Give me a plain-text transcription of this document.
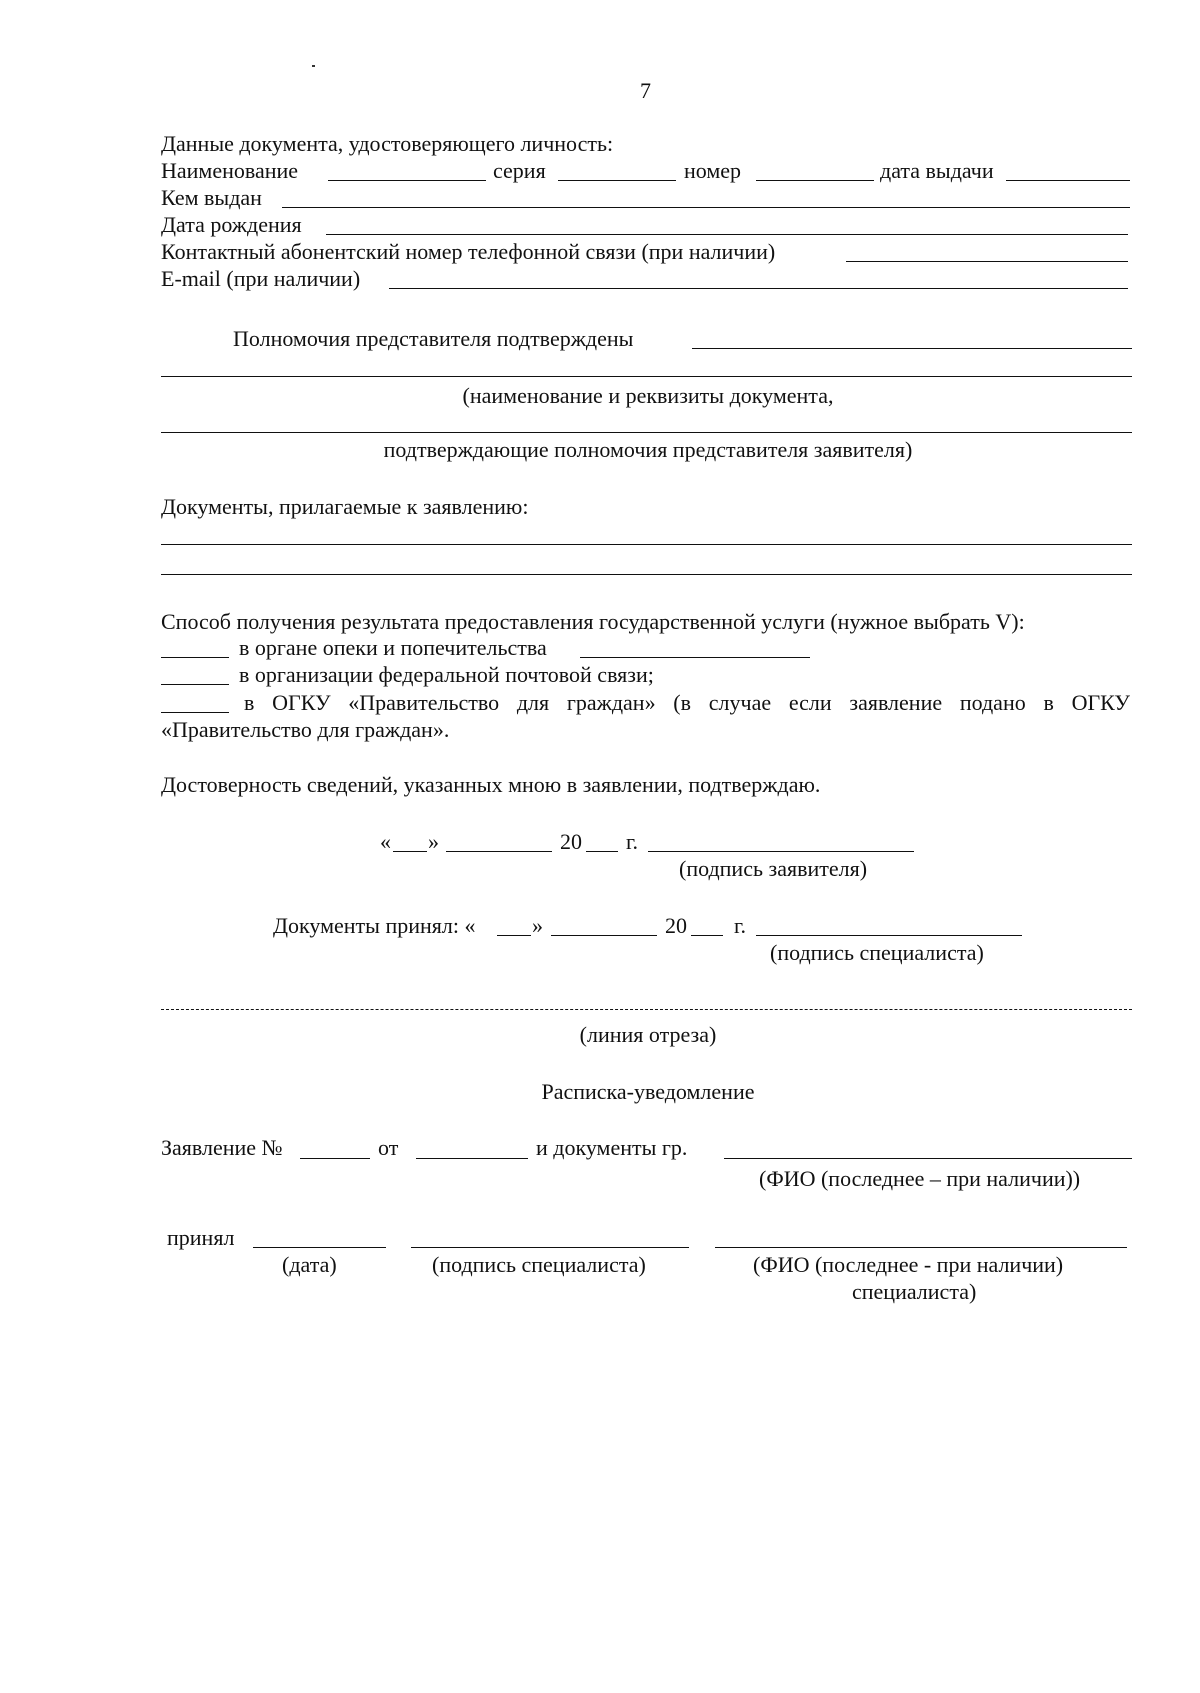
7
Данные документа, удостоверяющего личность:
Наименование	серия	номер	дата выдачи
Кем выдан
Дата рождения
Контактный абонентский номер телефонной связи (при наличии)
E-mail (при наличии)
Полномочия представителя подтверждены
(наименование и реквизиты документа,
подтверждающие полномочия представителя заявителя)
Документы, прилагаемые к заявлению:
Способ получения результата предоставления государственной услуги (нужное выбрать V):
в органе опеки и попечительства
в организации федеральной почтовой связи;
в ОГКУ «Правительство для граждан» (в случае если заявление подано в ОГКУ
«Правительство для граждан».
Достоверность сведений, указанных мною в заявлении, подтверждаю.
« »	20 г.
(подпись заявителя)
Документы принял: «	»	20 г.
(подпись специалиста)
(линия отреза)
Расписка-уведомление
Заявление №	от	и документы гр.
(ФИО (последнее – при наличии))
принял
(дата)	(подпись специалиста)	(ФИО (последнее - при наличии)
специалиста)
